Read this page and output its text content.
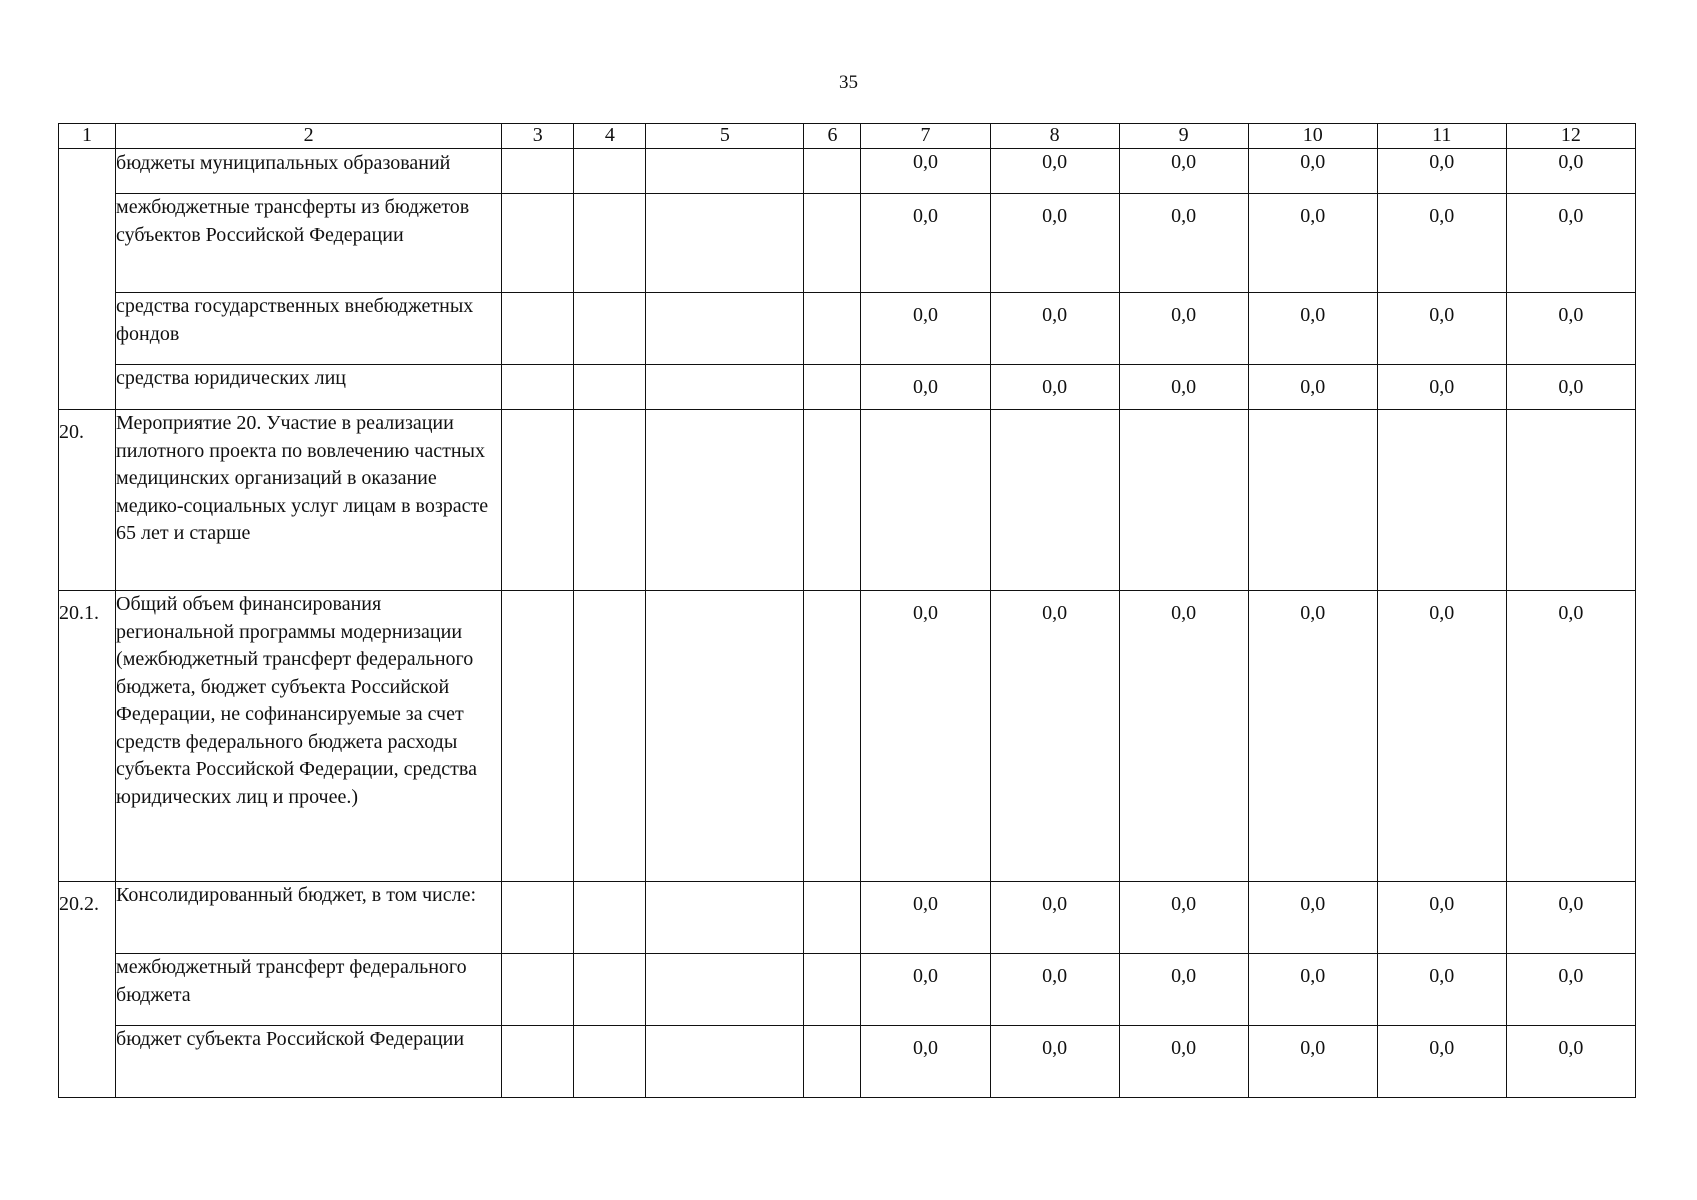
35
1	2	3	4	5	6	7	8	9	10	11	12
	бюджеты муниципальных образований					0,0	0,0	0,0	0,0	0,0	0,0
	межбюджетные трансферты из бюджетов субъектов Российской Федерации					0,0	0,0	0,0	0,0	0,0	0,0
	средства государственных внебюджетных фондов					0,0	0,0	0,0	0,0	0,0	0,0
	средства юридических лиц					0,0	0,0	0,0	0,0	0,0	0,0
20.	Мероприятие 20. Участие в реализации пилотного проекта по вовлечению частных медицинских организаций в оказание медико-социальных услуг лицам в возрасте 65 лет и старше										
20.1.	Общий объем финансирования региональной программы модернизации (межбюджетный трансферт федерального бюджета, бюджет субъекта Российской Федерации, не софинансируемые за счет средств федерального бюджета расходы субъекта Российской Федерации, средства юридических лиц и прочее.)					0,0	0,0	0,0	0,0	0,0	0,0
20.2.	Консолидированный бюджет, в том числе:					0,0	0,0	0,0	0,0	0,0	0,0
	межбюджетный трансферт федерального бюджета					0,0	0,0	0,0	0,0	0,0	0,0
	бюджет субъекта Российской Федерации					0,0	0,0	0,0	0,0	0,0	0,0
